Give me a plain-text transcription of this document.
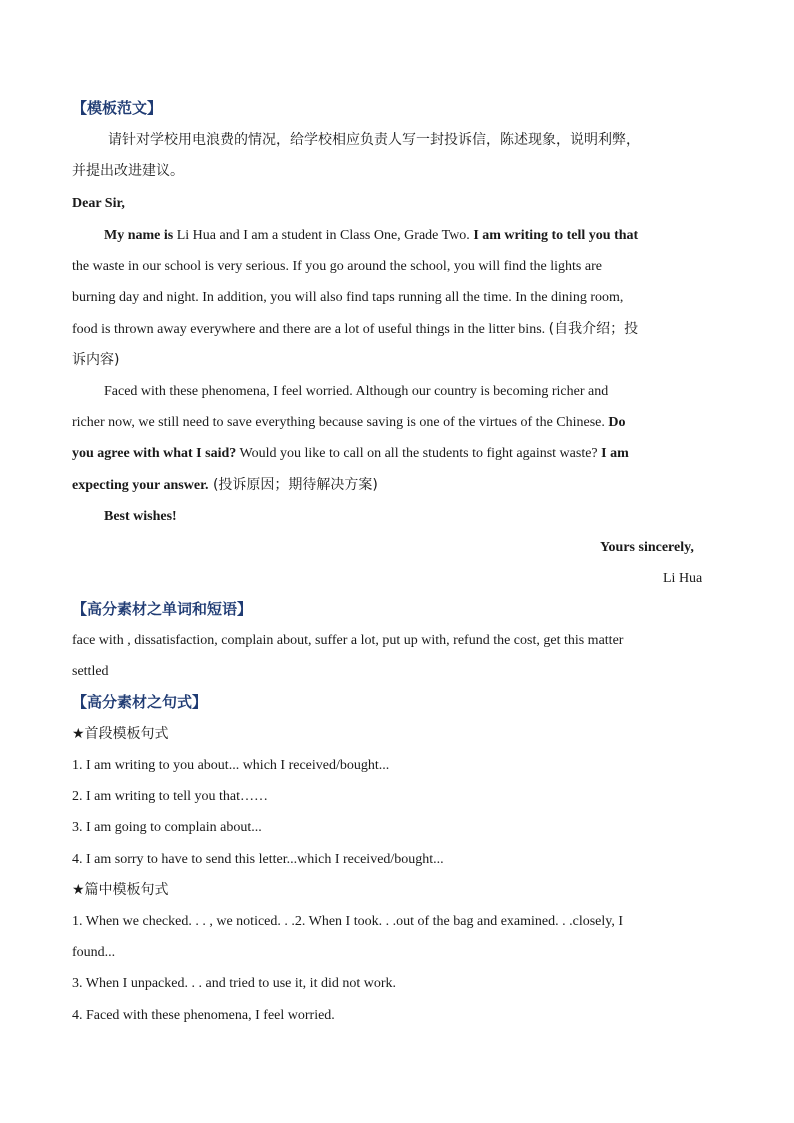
【模板范文】
请针对学校用电浪费的情况，给学校相应负责人写一封投诉信，陈述现象，说明利弊，
并提出改进建议。
Dear Sir,
My name is Li Hua and I am a student in Class One, Grade Two. I am writing to tell you that
the waste in our school is very serious. If you go around the school, you will find the lights are
burning day and night. In addition, you will also find taps running all the time. In the dining room,
food is thrown away everywhere and there are a lot of useful things in the litter bins. (自我介绍；投
诉内容)
Faced with these phenomena, I feel worried. Although our country is becoming richer and
richer now, we still need to save everything because saving is one of the virtues of the Chinese. Do
you agree with what I said? Would you like to call on all the students to fight against waste? I am
expecting your answer. (投诉原因；期待解决方案)
Best wishes!
Yours sincerely,
Li Hua
【高分素材之单词和短语】
face with , dissatisfaction, complain about, suffer a lot, put up with, refund the cost, get this matter
settled
【高分素材之句式】
★首段模板句式
1. I am writing to you about... which I received/bought...
2. I am writing to tell you that……
3. I am going to complain about...
4. I am sorry to have to send this letter...which I received/bought...
★篇中模板句式
1. When we checked. . . , we noticed. . .2. When I took. . .out of the bag and examined. . .closely, I
found...
3. When I unpacked. . . and tried to use it, it did not work.
4. Faced with these phenomena, I feel worried.
